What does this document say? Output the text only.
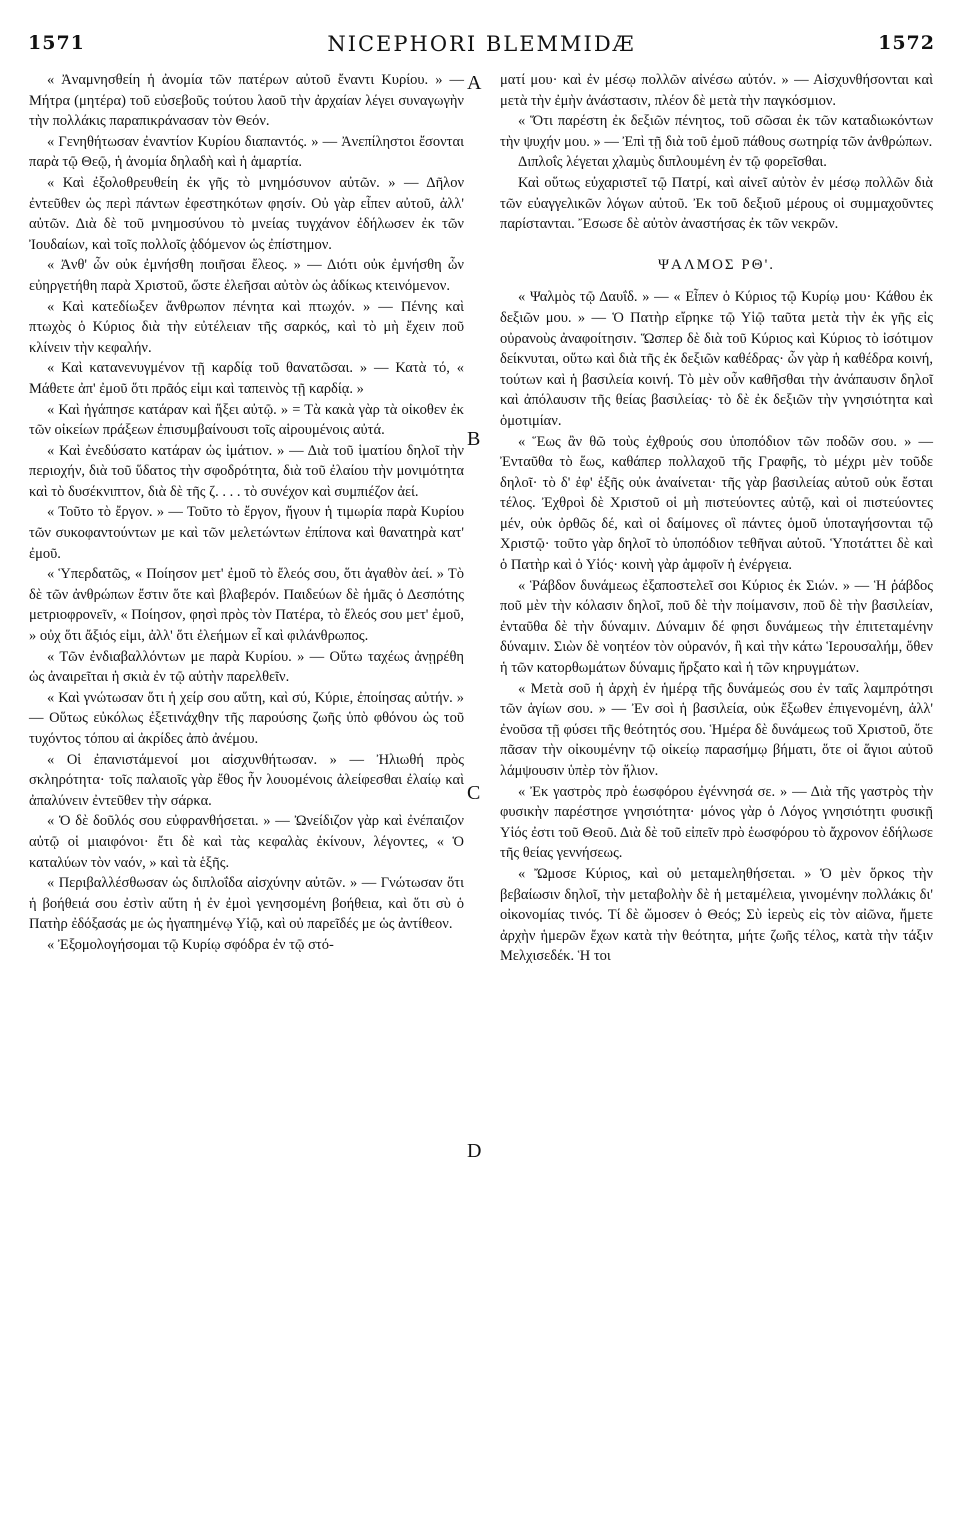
1571	NICEPHORI BLEMMIDÆ	1572

« Ἀναμνησθείη ἡ ἀνομία τῶν πατέρων αὐτοῦ ἔναντι Κυρίου. » — Μήτρα (μητέρα) τοῦ εὐσεβοῦς τούτου λαοῦ τὴν ἀρχαίαν λέγει συναγωγὴν τὴν πολλάκις παραπικράνασαν τὸν Θεόν.

« Γενηθήτωσαν ἐναντίον Κυρίου διαπαντός. » — Ἀνεπίληστοι ἔσονται παρὰ τῷ Θεῷ, ἡ ἀνομία δηλαδὴ καὶ ἡ ἁμαρτία.

« Καὶ ἐξολοθρευθείη ἐκ γῆς τὸ μνημόσυνον αὐτῶν. » — Δῆλον ἐντεῦθεν ὡς περὶ πάντων ἐφεστηκότων φησίν. Οὐ γὰρ εἶπεν αὐτοῦ, ἀλλ' αὐτῶν. Διὰ δὲ τοῦ μνημοσύνου τὸ μνείας τυγχάνον ἐδήλωσεν ἐκ τῶν Ἰουδαίων, καὶ τοῖς πολλοῖς ᾀδόμενον ὡς ἐπίστημον.

« Ἀνθ' ὧν οὐκ ἐμνήσθη ποιῆσαι ἔλεος. » — Διότι οὐκ ἐμνήσθη ὧν εὐηργετήθη παρὰ Χριστοῦ, ὥστε ἐλεῆσαι αὐτὸν ὡς ἀδίκως κτεινόμενον.

« Καὶ κατεδίωξεν ἄνθρωπον πένητα καὶ πτωχόν. » — Πένης καὶ πτωχὸς ὁ Κύριος διὰ τὴν εὐτέλειαν τῆς σαρκός, καὶ τὸ μὴ ἔχειν ποῦ κλίνειν τὴν κεφαλήν.

« Καὶ κατανενυγμένον τῇ καρδίᾳ τοῦ θανατῶσαι. » — Κατὰ τό, « Μάθετε ἀπ' ἐμοῦ ὅτι πρᾶός εἰμι καὶ ταπεινὸς τῇ καρδίᾳ. »

« Καὶ ἠγάπησε κατάραν καὶ ἥξει αὐτῷ. » = Τὰ κακὰ γὰρ τὰ οἰκοθεν ἐκ τῶν οἰκείων πράξεων ἐπισυμβαίνουσι τοῖς αἱρουμένοις αὐτά.

« Καὶ ἐνεδύσατο κατάραν ὡς ἱμάτιον. » — Διὰ τοῦ ἱματίου δηλοῖ τὴν περιοχήν, διὰ τοῦ ὕδατος τὴν σφοδρότητα, διὰ τοῦ ἐλαίου τὴν μονιμότητα καὶ τὸ δυσέκνιπτον, διὰ δὲ τῆς ζ. . . . τὸ συνέχον καὶ συμπιέζον ἀεί.

« Τοῦτο τὸ ἔργον. » — Τοῦτο τὸ ἔργον, ἤγουν ἡ τιμωρία παρὰ Κυρίου τῶν συκοφαντούντων με καὶ τῶν μελετώντων ἐπίπονα καὶ θανατηρὰ κατ' ἐμοῦ.

« Ὑπερδατῶς, « Ποίησον μετ' ἐμοῦ τὸ ἔλεός σου, ὅτι ἀγαθὸν ἀεί. » Τὸ δὲ τῶν ἀνθρώπων ἔστιν ὅτε καὶ βλαβερόν. Παιδεύων δὲ ἡμᾶς ὁ Δεσπότης μετριοφρονεῖν, « Ποίησον, φησὶ πρὸς τὸν Πατέρα, τὸ ἔλεός σου μετ' ἐμοῦ, » οὐχ ὅτι ἄξιός εἰμι, ἀλλ' ὅτι ἐλεήμων εἶ καὶ φιλάνθρωπος.

« Τῶν ἐνδιαβαλλόντων με παρὰ Κυρίου. » — Οὕτω ταχέως ἀνῃρέθη ὡς ἀναιρεῖται ἡ σκιὰ ἐν τῷ αὐτὴν παρελθεῖν.

« Καὶ γνώτωσαν ὅτι ἡ χείρ σου αὕτη, καὶ σύ, Κύριε, ἐποίησας αὐτήν. » — Οὕτως εὐκόλως ἐξετινάχθην τῆς παρούσης ζωῆς ὑπὸ φθόνου ὡς τοῦ τυχόντος τόπου αἱ ἀκρίδες ἀπὸ ἀνέμου.

« Οἱ ἐπανιστάμενοί μοι αἰσχυνθήτωσαν. » — Ἠλιωθή πρὸς σκληρότητα· τοῖς παλαιοῖς γὰρ ἔθος ἦν λουομένοις ἀλείφεσθαι ἐλαίῳ καὶ ἀπαλύνειν ἐντεῦθεν τὴν σάρκα.

« Ὁ δὲ δοῦλός σου εὐφρανθήσεται. » — Ὠνείδιζον γὰρ καὶ ἐνέπαιζον αὐτῷ οἱ μιαιφόνοι· ἔτι δὲ καὶ τὰς κεφαλὰς ἐκίνουν, λέγοντες, « Ὁ καταλύων τὸν ναόν, » καὶ τὰ ἑξῆς.

« Περιβαλλέσθωσαν ὡς διπλοΐδα αἰσχύνην αὐτῶν. » — Γνώτωσαν ὅτι ἡ βοήθειά σου ἐστὶν αὕτη ἡ ἐν ἐμοὶ γενησομένη βοήθεια, καὶ ὅτι σὺ ὁ Πατὴρ ἐδόξασάς με ὡς ἠγαπημένῳ Υἱῷ, καὶ οὐ παρεῖδές με ὡς ἀντίθεον.

« Ἐξομολογήσομαι τῷ Κυρίῳ σφόδρα ἐν τῷ στό-

A
B
C
D

ματί μου· καὶ ἐν μέσῳ πολλῶν αἰνέσω αὐτόν. » — Αἰσχυνθήσονται καὶ μετὰ τὴν ἐμὴν ἀνάστασιν, πλέον δὲ μετὰ τὴν παγκόσμιον.

« Ὅτι παρέστη ἐκ δεξιῶν πένητος, τοῦ σῶσαι ἐκ τῶν καταδιωκόντων τὴν ψυχήν μου. » — Ἐπὶ τῇ διὰ τοῦ ἐμοῦ πάθους σωτηρίᾳ τῶν ἀνθρώπων.

Διπλοΐς λέγεται χλαμὺς διπλουμένη ἐν τῷ φορεῖσθαι.

Καὶ οὕτως εὐχαριστεῖ τῷ Πατρί, καὶ αἰνεῖ αὐτὸν ἐν μέσῳ πολλῶν διὰ τῶν εὐαγγελικῶν λόγων αὐτοῦ. Ἐκ τοῦ δεξιοῦ μέρους οἱ συμμαχοῦντες παρίστανται. Ἔσωσε δὲ αὐτὸν ἀναστήσας ἐκ τῶν νεκρῶν.

ΨΑΛΜΟΣ ΡΘ'.

« Ψαλμὸς τῷ Δαυΐδ. » — « Εἶπεν ὁ Κύριος τῷ Κυρίῳ μου· Κάθου ἐκ δεξιῶν μου. » — Ὁ Πατὴρ εἴρηκε τῷ Υἱῷ ταῦτα μετὰ τὴν ἐκ γῆς εἰς οὐρανοὺς ἀναφοίτησιν. Ὥσπερ δὲ διὰ τοῦ Κύριος καὶ Κύριος τὸ ἰσότιμον δείκνυται, οὕτω καὶ διὰ τῆς ἐκ δεξιῶν καθέδρας· ὧν γὰρ ἡ καθέδρα κοινή, τούτων καὶ ἡ βασιλεία κοινή. Τὸ μὲν οὖν καθῆσθαι τὴν ἀνάπαυσιν δηλοῖ καὶ ἀπόλαυσιν τῆς θείας βασιλείας· τὸ δὲ ἐκ δεξιῶν τὴν γνησιότητα καὶ ὁμοτιμίαν.

« Ἕως ἂν θῶ τοὺς ἐχθρούς σου ὑποπόδιον τῶν ποδῶν σου. » — Ἐνταῦθα τὸ ἕως, καθάπερ πολλαχοῦ τῆς Γραφῆς, τὸ μέχρι μὲν τοῦδε δηλοῖ· τὸ δ' ἐφ' ἑξῆς οὐκ ἀναίνεται· τῆς γὰρ βασιλείας αὐτοῦ οὐκ ἔσται τέλος. Ἐχθροὶ δὲ Χριστοῦ οἱ μὴ πιστεύοντες αὐτῷ, καὶ οἱ πιστεύοντες μέν, οὐκ ὀρθῶς δέ, καὶ οἱ δαίμονες οἳ πάντες ὁμοῦ ὑποταγήσονται τῷ Χριστῷ· τοῦτο γὰρ δηλοῖ τὸ ὑποπόδιον τεθῆναι αὐτοῦ. Ὑποτάττει δὲ καὶ ὁ Πατὴρ καὶ ὁ Υἱός· κοινὴ γὰρ ἀμφοῖν ἡ ἐνέργεια.

« Ῥάβδον δυνάμεως ἐξαποστελεῖ σοι Κύριος ἐκ Σιών. » — Ἡ ῥάβδος ποῦ μὲν τὴν κόλασιν δηλοῖ, ποῦ δὲ τὴν ποίμανσιν, ποῦ δὲ τὴν βασιλείαν, ἐνταῦθα δὲ τὴν δύναμιν. Δύναμιν δέ φησι δυνάμεως τὴν ἐπιτεταμένην δύναμιν. Σιὼν δὲ νοητέον τὸν οὐρανόν, ἢ καὶ τὴν κάτω Ἱερουσαλήμ, ὅθεν ἡ τῶν κατορθωμάτων δύναμις ἤρξατο καὶ ἡ τῶν κηρυγμάτων.

« Μετὰ σοῦ ἡ ἀρχὴ ἐν ἡμέρᾳ τῆς δυνάμεώς σου ἐν ταῖς λαμπρότησι τῶν ἁγίων σου. » — Ἐν σοὶ ἡ βασιλεία, οὐκ ἔξωθεν ἐπιγενομένη, ἀλλ' ἐνοῦσα τῇ φύσει τῆς θεότητός σου. Ἡμέρα δὲ δυνάμεως τοῦ Χριστοῦ, ὅτε πᾶσαν τὴν οἰκουμένην τῷ οἰκείῳ παρασήμῳ βήματι, ὅτε οἱ ἅγιοι αὐτοῦ λάμψουσιν ὑπὲρ τὸν ἥλιον.

« Ἐκ γαστρὸς πρὸ ἑωσφόρου ἐγέννησά σε. » — Διὰ τῆς γαστρὸς τὴν φυσικὴν παρέστησε γνησιότητα· μόνος γὰρ ὁ Λόγος γνησιότητι φυσικῇ Υἱός ἐστι τοῦ Θεοῦ. Διὰ δὲ τοῦ εἰπεῖν πρὸ ἑωσφόρου τὸ ἄχρονον ἐδήλωσε τῆς θείας γεννήσεως.

« Ὤμοσε Κύριος, καὶ οὐ μεταμεληθήσεται. » Ὁ μὲν ὅρκος τὴν βεβαίωσιν δηλοῖ, τὴν μεταβολὴν δὲ ἡ μεταμέλεια, γινομένην πολλάκις δι' οἰκονομίας τινός. Τί δὲ ὤμοσεν ὁ Θεός; Σὺ ἱερεὺς εἰς τὸν αἰῶνα, ἤμετε ἀρχὴν ἡμερῶν ἔχων κατὰ τὴν θεότητα, μήτε ζωῆς τέλος, κατὰ τὴν τάξιν Μελχισεδέκ. Ἡ τοι
